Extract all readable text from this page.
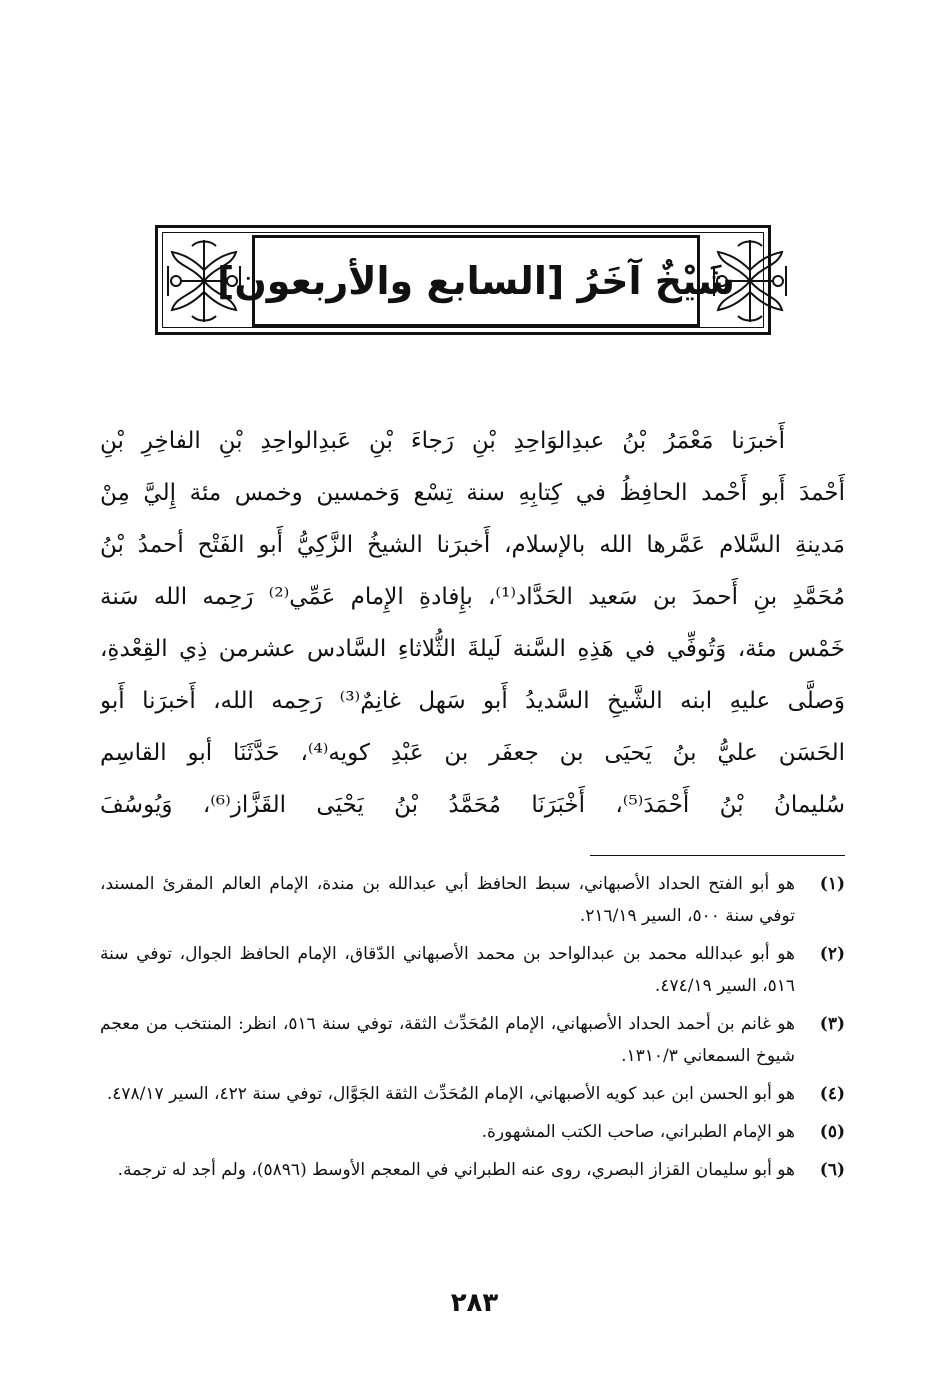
شَيْخٌ آخَرُ [السابع والأربعون]
أَخبرَنا مَعْمَرُ بْنُ عبدِالوَاحِدِ بْنِ رَجاءَ بْنِ عَبدِالواحِدِ بْنِ الفاخِرِ بْنِ
أَحْمدَ أَبو أَحْمد الحافِظُ في كِتابِهِ سنة تِسْع وَخمسين وخمس مئة إِليَّ مِنْ
مَدينةِ السَّلام عَمَّرها الله بالإسلام، أَخبرَنا الشيخُ الزَّكِيُّ أَبو الفَتْح أحمدُ بْنُ
مُحَمَّدِ بنِ أَحمدَ بن سَعيد الحَدَّاد⁽¹⁾، بإِفادةِ الإِمام عَمِّي⁽²⁾ رَحِمه الله سَنة
خَمْس مئة، وَتُوفِّي في هَذِهِ السَّنة لَيلةَ الثُّلاثاءِ السَّادس عشرمن ذِي القِعْدةِ،
وَصلَّى عليهِ ابنه الشَّيخِ السَّديدُ أَبو سَهل غانِمٌ⁽³⁾ رَحِمه الله، أَخبرَنا أَبو
الحَسَن عليُّ بنُ يَحيَى بن جعفَر بن عَبْدِ كويه⁽⁴⁾، حَدَّثَنَا أبو القاسِم
سُليمانُ بْنُ أَحْمَدَ⁽⁵⁾، أَخْبَرَنَا مُحَمَّدُ بْنُ يَحْيَى القَزَّاز⁽⁶⁾، وَيُوسُفَ
(١)
هو أبو الفتح الحداد الأصبهاني، سبط الحافظ أبي عبدالله بن مندة، الإمام العالم المقرئ المسند، توفي سنة ٥٠٠، السير ٢١٦/١٩.
(٢)
هو أبو عبدالله محمد بن عبدالواحد بن محمد الأصبهاني الدّقاق، الإمام الحافظ الجوال، توفي سنة ٥١٦، السير ٤٧٤/١٩.
(٣)
هو غانم بن أحمد الحداد الأصبهاني، الإمام المُحَدِّث الثقة، توفي سنة ٥١٦، انظر: المنتخب من معجم شيوخ السمعاني ١٣١٠/٣.
(٤)
هو أبو الحسن ابن عبد كويه الأصبهاني، الإمام المُحَدِّث الثقة الجَوَّال، توفي سنة ٤٢٢، السير ٤٧٨/١٧.
(٥)
هو الإمام الطبراني، صاحب الكتب المشهورة.
(٦)
هو أبو سليمان القزاز البصري، روى عنه الطبراني في المعجم الأوسط (٥٨٩٦)، ولم أجد له ترجمة.
٢٨٣
